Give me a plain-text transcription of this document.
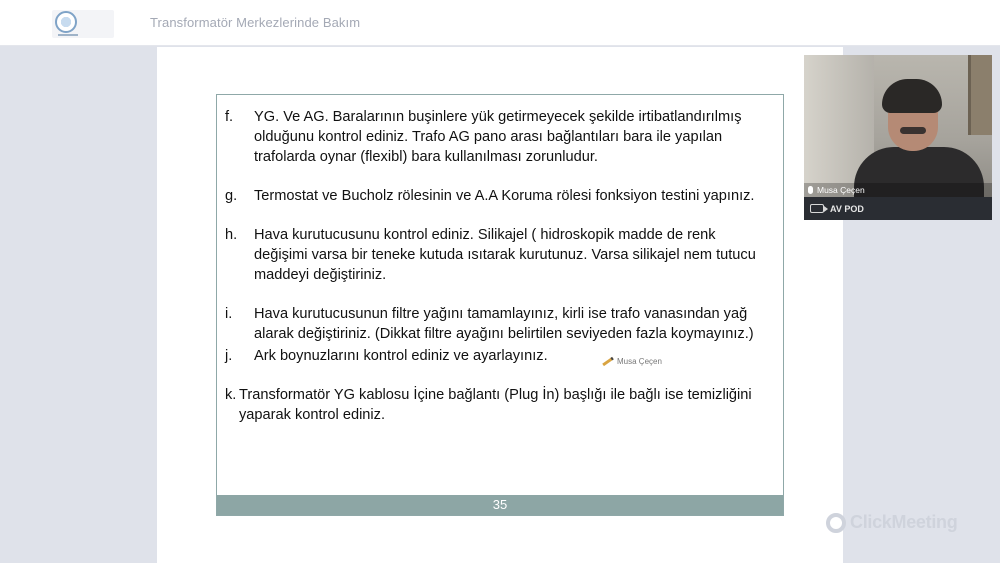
Transformatör Merkezlerinde Bakım
f.	YG. Ve AG. Baralarının buşinlere yük getirmeyecek şekilde irtibatlandırılmış olduğunu kontrol ediniz. Trafo AG pano arası bağlantıları bara ile yapılan trafolarda oynar (flexibl) bara kullanılması zorunludur.
g.	Termostat ve Bucholz rölesinin ve A.A Koruma rölesi fonksiyon testini yapınız.
h.	Hava kurutucusunu kontrol ediniz. Silikajel ( hidroskopik madde de renk değişimi varsa bir teneke kutuda ısıtarak kurutunuz. Varsa silikajel nem tutucu maddeyi değiştiriniz.
i.	Hava kurutucusunun filtre yağını tamamlayınız, kirli ise trafo vanasından yağ alarak değiştiriniz. (Dikkat filtre ayağını belirtilen seviyeden fazla koymayınız.)
j.	Ark boynuzlarını kontrol ediniz ve ayarlayınız.
k. Transformatör YG kablosu İçine bağlantı (Plug İn) başlığı ile bağlı ise temizliğini yaparak kontrol ediniz.
35
Musa Çeçen
Musa Çeçen
AV POD
ClickMeeting
